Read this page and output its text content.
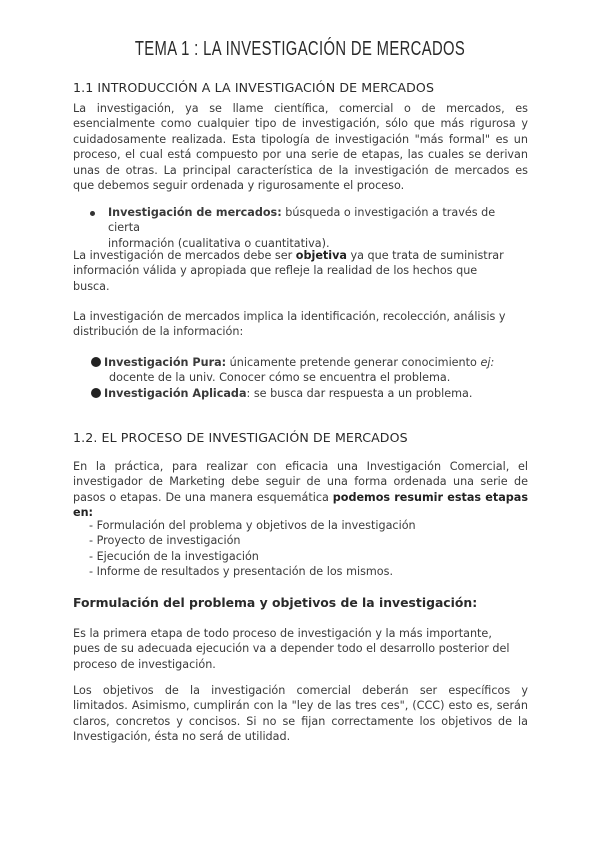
TEMA 1 : LA INVESTIGACIÓN DE MERCADOS
1.1 INTRODUCCIÓN A LA INVESTIGACIÓN DE MERCADOS
La investigación, ya se llame científica, comercial o de mercados, es
esencialmente como cualquier tipo de investigación, sólo que más rigurosa y
cuidadosamente realizada. Esta tipología de investigación "más formal" es un
proceso, el cual está compuesto por una serie de etapas, las cuales se derivan
unas de otras. La principal característica de la investigación de mercados es
que debemos seguir ordenada y rigurosamente el proceso.
Investigación de mercados: búsqueda o investigación a través de cierta
información (cualitativa o cuantitativa).
La investigación de mercados debe ser objetiva ya que trata de suministrar
información válida y apropiada que refleje la realidad de los hechos que
busca.
La investigación de mercados implica la identificación, recolección, análisis y
distribución de la información:
Investigación Pura: únicamente pretende generar conocimiento ej:
docente de la univ. Conocer cómo se encuentra el problema.
Investigación Aplicada: se busca dar respuesta a un problema.
1.2. EL PROCESO DE INVESTIGACIÓN DE MERCADOS
En la práctica, para realizar con eficacia una Investigación Comercial, el
investigador de Marketing debe seguir de una forma ordenada una serie de
pasos o etapas. De una manera esquemática podemos resumir estas etapas
en:
- Formulación del problema y objetivos de la investigación
- Proyecto de investigación
- Ejecución de la investigación
- Informe de resultados y presentación de los mismos.
Formulación del problema y objetivos de la investigación:
Es la primera etapa de todo proceso de investigación y la más importante,
pues de su adecuada ejecución va a depender todo el desarrollo posterior del
proceso de investigación.
Los objetivos de la investigación comercial deberán ser específicos y
limitados. Asimismo, cumplirán con la "ley de las tres ces", (CCC) esto es, serán
claros, concretos y concisos. Si no se fijan correctamente los objetivos de la
Investigación, ésta no será de utilidad.
